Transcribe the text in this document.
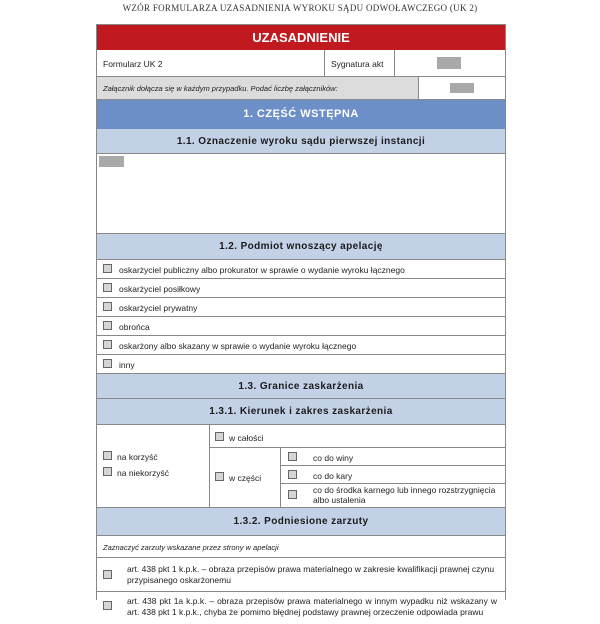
WZÓR FORMULARZA UZASADNIENIA WYROKU SĄDU ODWOŁAWCZEGO (UK 2)
UZASADNIENIE
Formularz UK 2	Sygnatura akt
Załącznik dołącza się w każdym przypadku. Podać liczbę załączników:
1. CZĘŚĆ WSTĘPNA
1.1. Oznaczenie wyroku sądu pierwszej instancji
1.2. Podmiot wnoszący apelację
oskarżyciel publiczny albo prokurator w sprawie o wydanie wyroku łącznego
oskarżyciel posiłkowy
oskarżyciel prywatny
obrońca
oskarżony albo skazany w sprawie o wydanie wyroku łącznego
inny
1.3. Granice zaskarżenia
1.3.1. Kierunek i zakres zaskarżenia
na korzyść
na niekorzyść
w całości
w części
co do winy
co do kary
co do środka karnego lub innego rozstrzygnięcia albo ustalenia
1.3.2. Podniesione zarzuty
Zaznaczyć zarzuty wskazane przez strony w apelacji
art. 438 pkt 1 k.p.k. – obraza przepisów prawa materialnego w zakresie kwalifikacji prawnej czynu przypisanego oskarżonemu
art. 438 pkt 1a k.p.k. – obraza przepisów prawa materialnego w innym wypadku niż wskazany w art. 438 pkt 1 k.p.k., chyba że pomimo błędnej podstawy prawnej orzeczenie odpowiada prawu
